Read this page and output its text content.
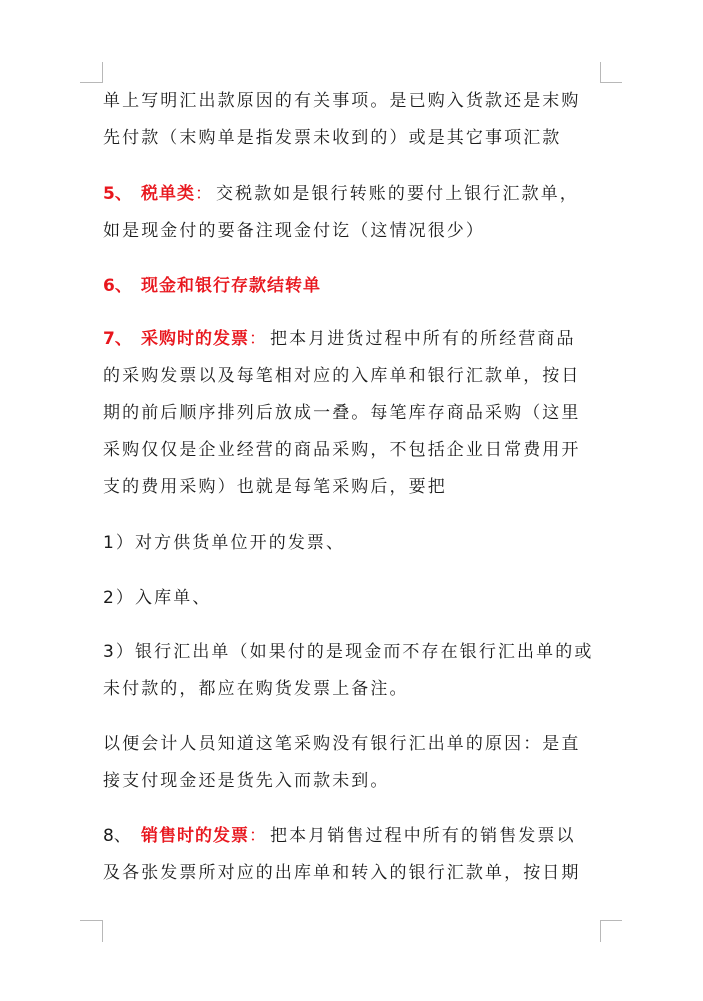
单上写明汇出款原因的有关事项。是已购入货款还是末购
先付款（末购单是指发票未收到的）或是其它事项汇款
5、 税单类： 交税款如是银行转账的要付上银行汇款单，
如是现金付的要备注现金付讫（这情况很少）
6、 现金和银行存款结转单
7、 采购时的发票： 把本月进货过程中所有的所经营商品
的采购发票以及每笔相对应的入库单和银行汇款单，按日
期的前后顺序排列后放成一叠。每笔库存商品采购（这里
采购仅仅是企业经营的商品采购，不包括企业日常费用开
支的费用采购）也就是每笔采购后，要把
1）对方供货单位开的发票、
2）入库单、
3）银行汇出单（如果付的是现金而不存在银行汇出单的或
未付款的，都应在购货发票上备注。
以便会计人员知道这笔采购没有银行汇出单的原因：是直
接支付现金还是货先入而款未到。
8、 销售时的发票： 把本月销售过程中所有的销售发票以
及各张发票所对应的出库单和转入的银行汇款单，按日期
